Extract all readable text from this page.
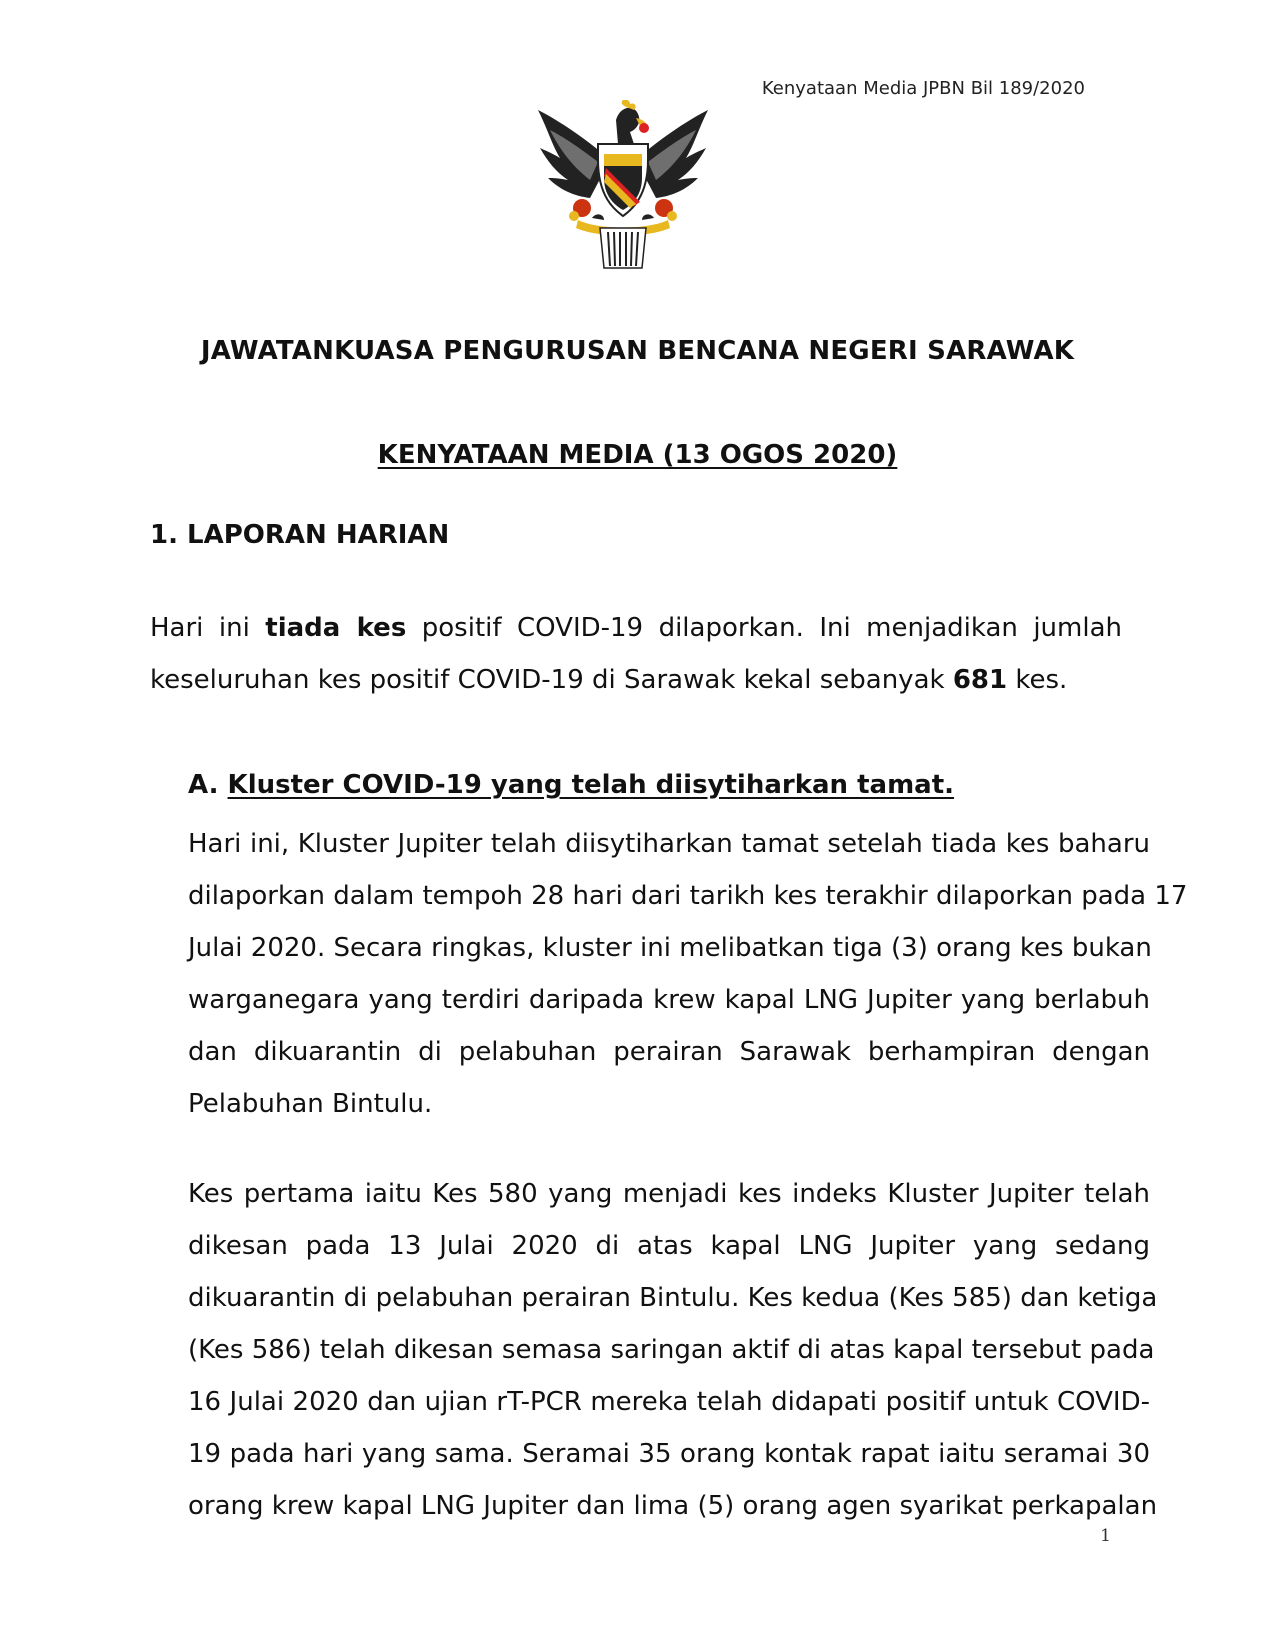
Kenyataan Media JPBN Bil 189/2020
JAWATANKUASA PENGURUSAN BENCANA NEGERI SARAWAK
KENYATAAN MEDIA (13 OGOS 2020)
1. LAPORAN HARIAN

Hari ini tiada kes positif COVID-19 dilaporkan. Ini menjadikan jumlah
keseluruhan kes positif COVID-19 di Sarawak kekal sebanyak 681 kes.

A. Kluster COVID-19 yang telah diisytiharkan tamat.

Hari ini, Kluster Jupiter telah diisytiharkan tamat setelah tiada kes baharu
dilaporkan dalam tempoh 28 hari dari tarikh kes terakhir dilaporkan pada 17
Julai 2020. Secara ringkas, kluster ini melibatkan tiga (3) orang kes bukan
warganegara yang terdiri daripada krew kapal LNG Jupiter yang berlabuh
dan dikuarantin di pelabuhan perairan Sarawak berhampiran dengan
Pelabuhan Bintulu.

Kes pertama iaitu Kes 580 yang menjadi kes indeks Kluster Jupiter telah
dikesan pada 13 Julai 2020 di atas kapal LNG Jupiter yang sedang
dikuarantin di pelabuhan perairan Bintulu. Kes kedua (Kes 585) dan ketiga
(Kes 586) telah dikesan semasa saringan aktif di atas kapal tersebut pada
16 Julai 2020 dan ujian rT-PCR mereka telah didapati positif untuk COVID-
19 pada hari yang sama. Seramai 35 orang kontak rapat iaitu seramai 30
orang krew kapal LNG Jupiter dan lima (5) orang agen syarikat perkapalan

1
